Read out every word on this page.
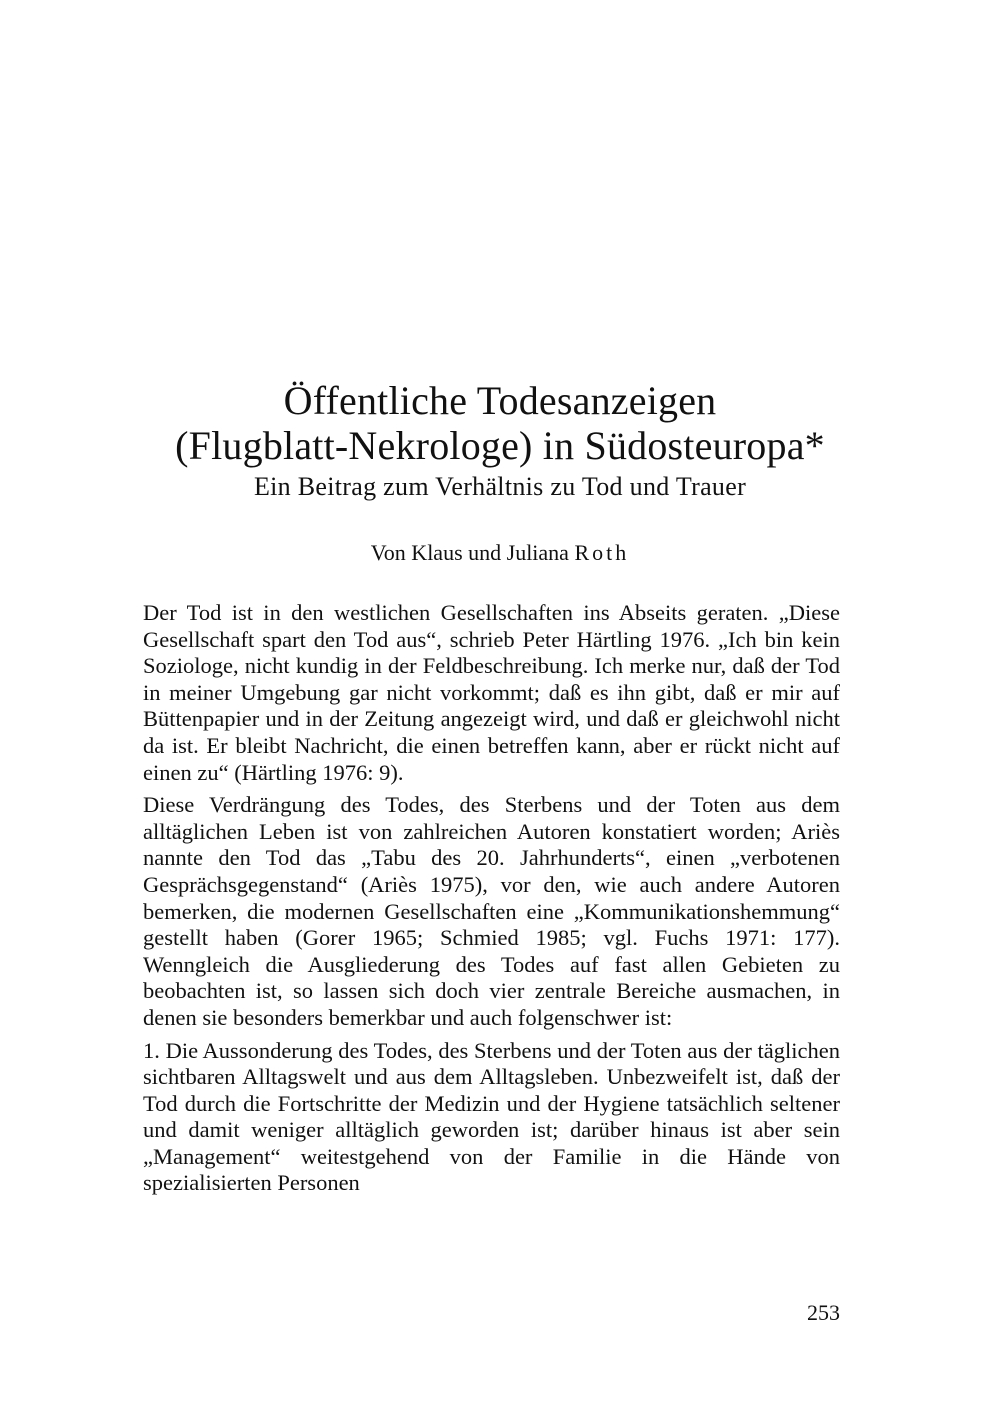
Öffentliche Todesanzeigen
(Flugblatt-Nekrologe) in Südosteuropa*
Ein Beitrag zum Verhältnis zu Tod und Trauer
Von Klaus und Juliana Roth

Der Tod ist in den westlichen Gesellschaften ins Abseits geraten. „Diese Gesellschaft spart den Tod aus“, schrieb Peter Härtling 1976. „Ich bin kein Soziologe, nicht kundig in der Feldbeschreibung. Ich merke nur, daß der Tod in meiner Umgebung gar nicht vorkommt; daß es ihn gibt, daß er mir auf Büttenpapier und in der Zeitung angezeigt wird, und daß er gleichwohl nicht da ist. Er bleibt Nachricht, die einen betreffen kann, aber er rückt nicht auf einen zu“ (Härtling 1976: 9).

Diese Verdrängung des Todes, des Sterbens und der Toten aus dem alltäglichen Leben ist von zahlreichen Autoren konstatiert worden; Ariès nannte den Tod das „Tabu des 20. Jahrhunderts“, einen „verbotenen Gesprächsgegenstand“ (Ariès 1975), vor den, wie auch andere Autoren bemerken, die modernen Gesellschaften eine „Kommunikationshemmung“ gestellt haben (Gorer 1965; Schmied 1985; vgl. Fuchs 1971: 177). Wenngleich die Ausgliederung des Todes auf fast allen Gebieten zu beobachten ist, so lassen sich doch vier zentrale Bereiche ausmachen, in denen sie besonders bemerkbar und auch folgenschwer ist:

1. Die Aussonderung des Todes, des Sterbens und der Toten aus der täglichen sichtbaren Alltagswelt und aus dem Alltagsleben. Unbezweifelt ist, daß der Tod durch die Fortschritte der Medizin und der Hygiene tatsächlich seltener und damit weniger alltäglich geworden ist; darüber hinaus ist aber sein „Management“ weitestgehend von der Familie in die Hände von spezialisierten Personen

253
